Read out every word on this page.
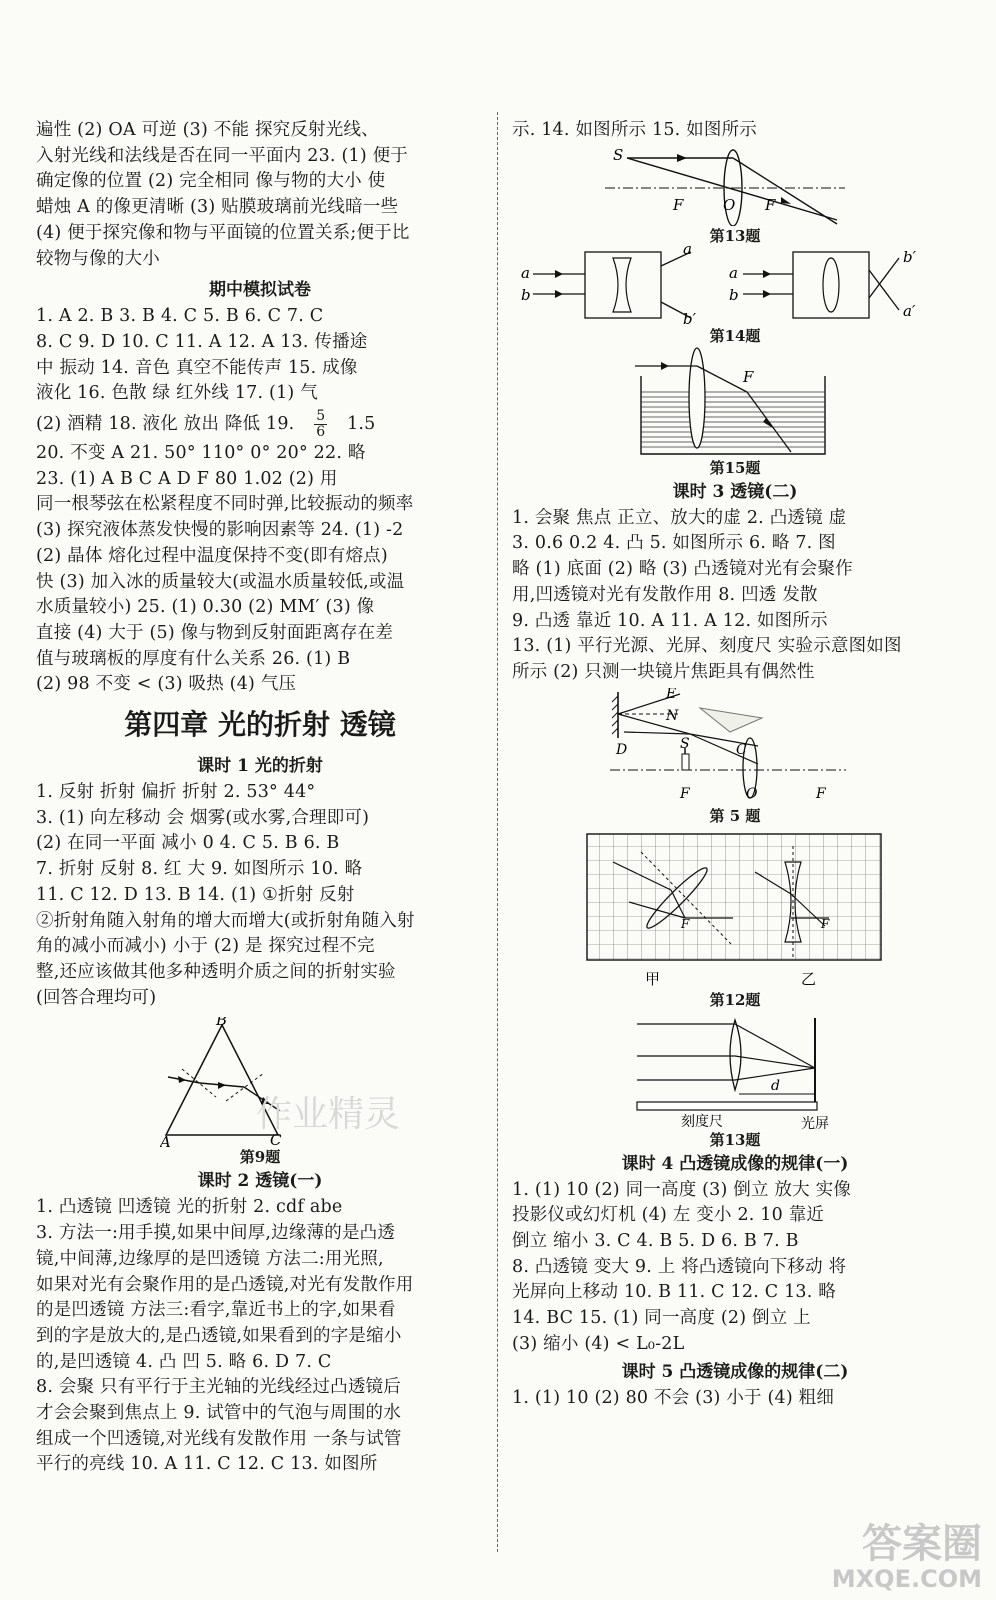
遍性 (2) OA 可逆 (3) 不能 探究反射光线、
入射光线和法线是否在同一平面内 23. (1) 便于
确定像的位置 (2) 完全相同 像与物的大小 使
蜡烛 A 的像更清晰 (3) 贴膜玻璃前光线暗一些
(4) 便于探究像和物与平面镜的位置关系;便于比
较物与像的大小
期中模拟试卷
1. A 2. B 3. B 4. C 5. B 6. C 7. C
8. C 9. D 10. C 11. A 12. A 13. 传播途
中 振动 14. 音色 真空不能传声 15. 成像
液化 16. 色散 绿 红外线 17. (1) 气
(2) 酒精 18. 液化 放出 降低 19. $\frac{5}{6} 1.5$
20. 不变 A 21. 50° 110° 0° 20° 22. 略
23. (1) A B C A D F 80 1.02 (2) 用
同一根琴弦在松紧程度不同时弹,比较振动的频率
(3) 探究液体蒸发快慢的影响因素等 24. (1) -2
(2) 晶体 熔化过程中温度保持不变(即有熔点)
快 (3) 加入冰的质量较大(或温水质量较低,或温
水质量较小) 25. (1) 0.30 (2) MM′ (3) 像
直接 (4) 大于 (5) 像与物到反射面距离存在差
值与玻璃板的厚度有什么关系 26. (1) B
(2) 98 不变 < (3) 吸热 (4) 气压
第四章 光的折射 透镜
课时 1 光的折射
1. 反射 折射 偏折 折射 2. 53° 44°
3. (1) 向左移动 会 烟雾(或水雾,合理即可)
(2) 在同一平面 减小 0 4. C 5. B 6. B
7. 折射 反射 8. 红 大 9. 如图所示 10. 略
11. C 12. D 13. B 14. (1) ①折射 反射
②折射角随入射角的增大而增大(或折射角随入射
角的减小而减小) 小于 (2) 是 探究过程不完
整,还应该做其他多种透明介质之间的折射实验
(回答合理均可)
B
A	C
第9题
课时 2 透镜(一)
1. 凸透镜 凹透镜 光的折射 2. cdf abe
3. 方法一:用手摸,如果中间厚,边缘薄的是凸透
镜,中间薄,边缘厚的是凹透镜 方法二:用光照,
如果对光有会聚作用的是凸透镜,对光有发散作用
的是凹透镜 方法三:看字,靠近书上的字,如果看
到的字是放大的,是凸透镜,如果看到的字是缩小
的,是凹透镜 4. 凸 凹 5. 略 6. D 7. C
8. 会聚 只有平行于主光轴的光线经过凸透镜后
才会会聚到焦点上 9. 试管中的气泡与周围的水
组成一个凹透镜,对光线有发散作用 一条与试管
平行的亮线 10. A 11. C 12. C 13. 如图所
示. 14. 如图所示 15. 如图所示
S
F	O F
第13题
a
b
a′
b′
a
b
b′
a′
第14题
F
第15题
课时 3 透镜(二)
1. 会聚 焦点 正立、放大的虚 2. 凸透镜 虚
3. 0.6 0.2 4. 凸 5. 如图所示 6. 略 7. 图
略 (1) 底面 (2) 略 (3) 凸透镜对光有会聚作
用,凹透镜对光有发散作用 8. 凹透 发散
9. 凸透 靠近 10. A 11. A 12. 如图所示
13. (1) 平行光源、光屏、刻度尺 实验示意图如图
所示 (2) 只测一块镜片焦距具有偶然性
E
N
D	S	C
F	O	F
第 5 题
F	F
甲	乙
第12题
d
刻度尺	光屏
第13题
课时 4 凸透镜成像的规律(一)
1. (1) 10 (2) 同一高度 (3) 倒立 放大 实像
投影仪或幻灯机 (4) 左 变小 2. 10 靠近
倒立 缩小 3. C 4. B 5. D 6. B 7. B
8. 凸透镜 变大 9. 上 将凸透镜向下移动 将
光屏向上移动 10. B 11. C 12. C 13. 略
14. BC 15. (1) 同一高度 (2) 倒立 上
(3) 缩小 (4) < L₀-2L
课时 5 凸透镜成像的规律(二)
1. (1) 10 (2) 80 不会 (3) 小于 (4) 粗细
作业精灵
答案圈
MXQE.COM
